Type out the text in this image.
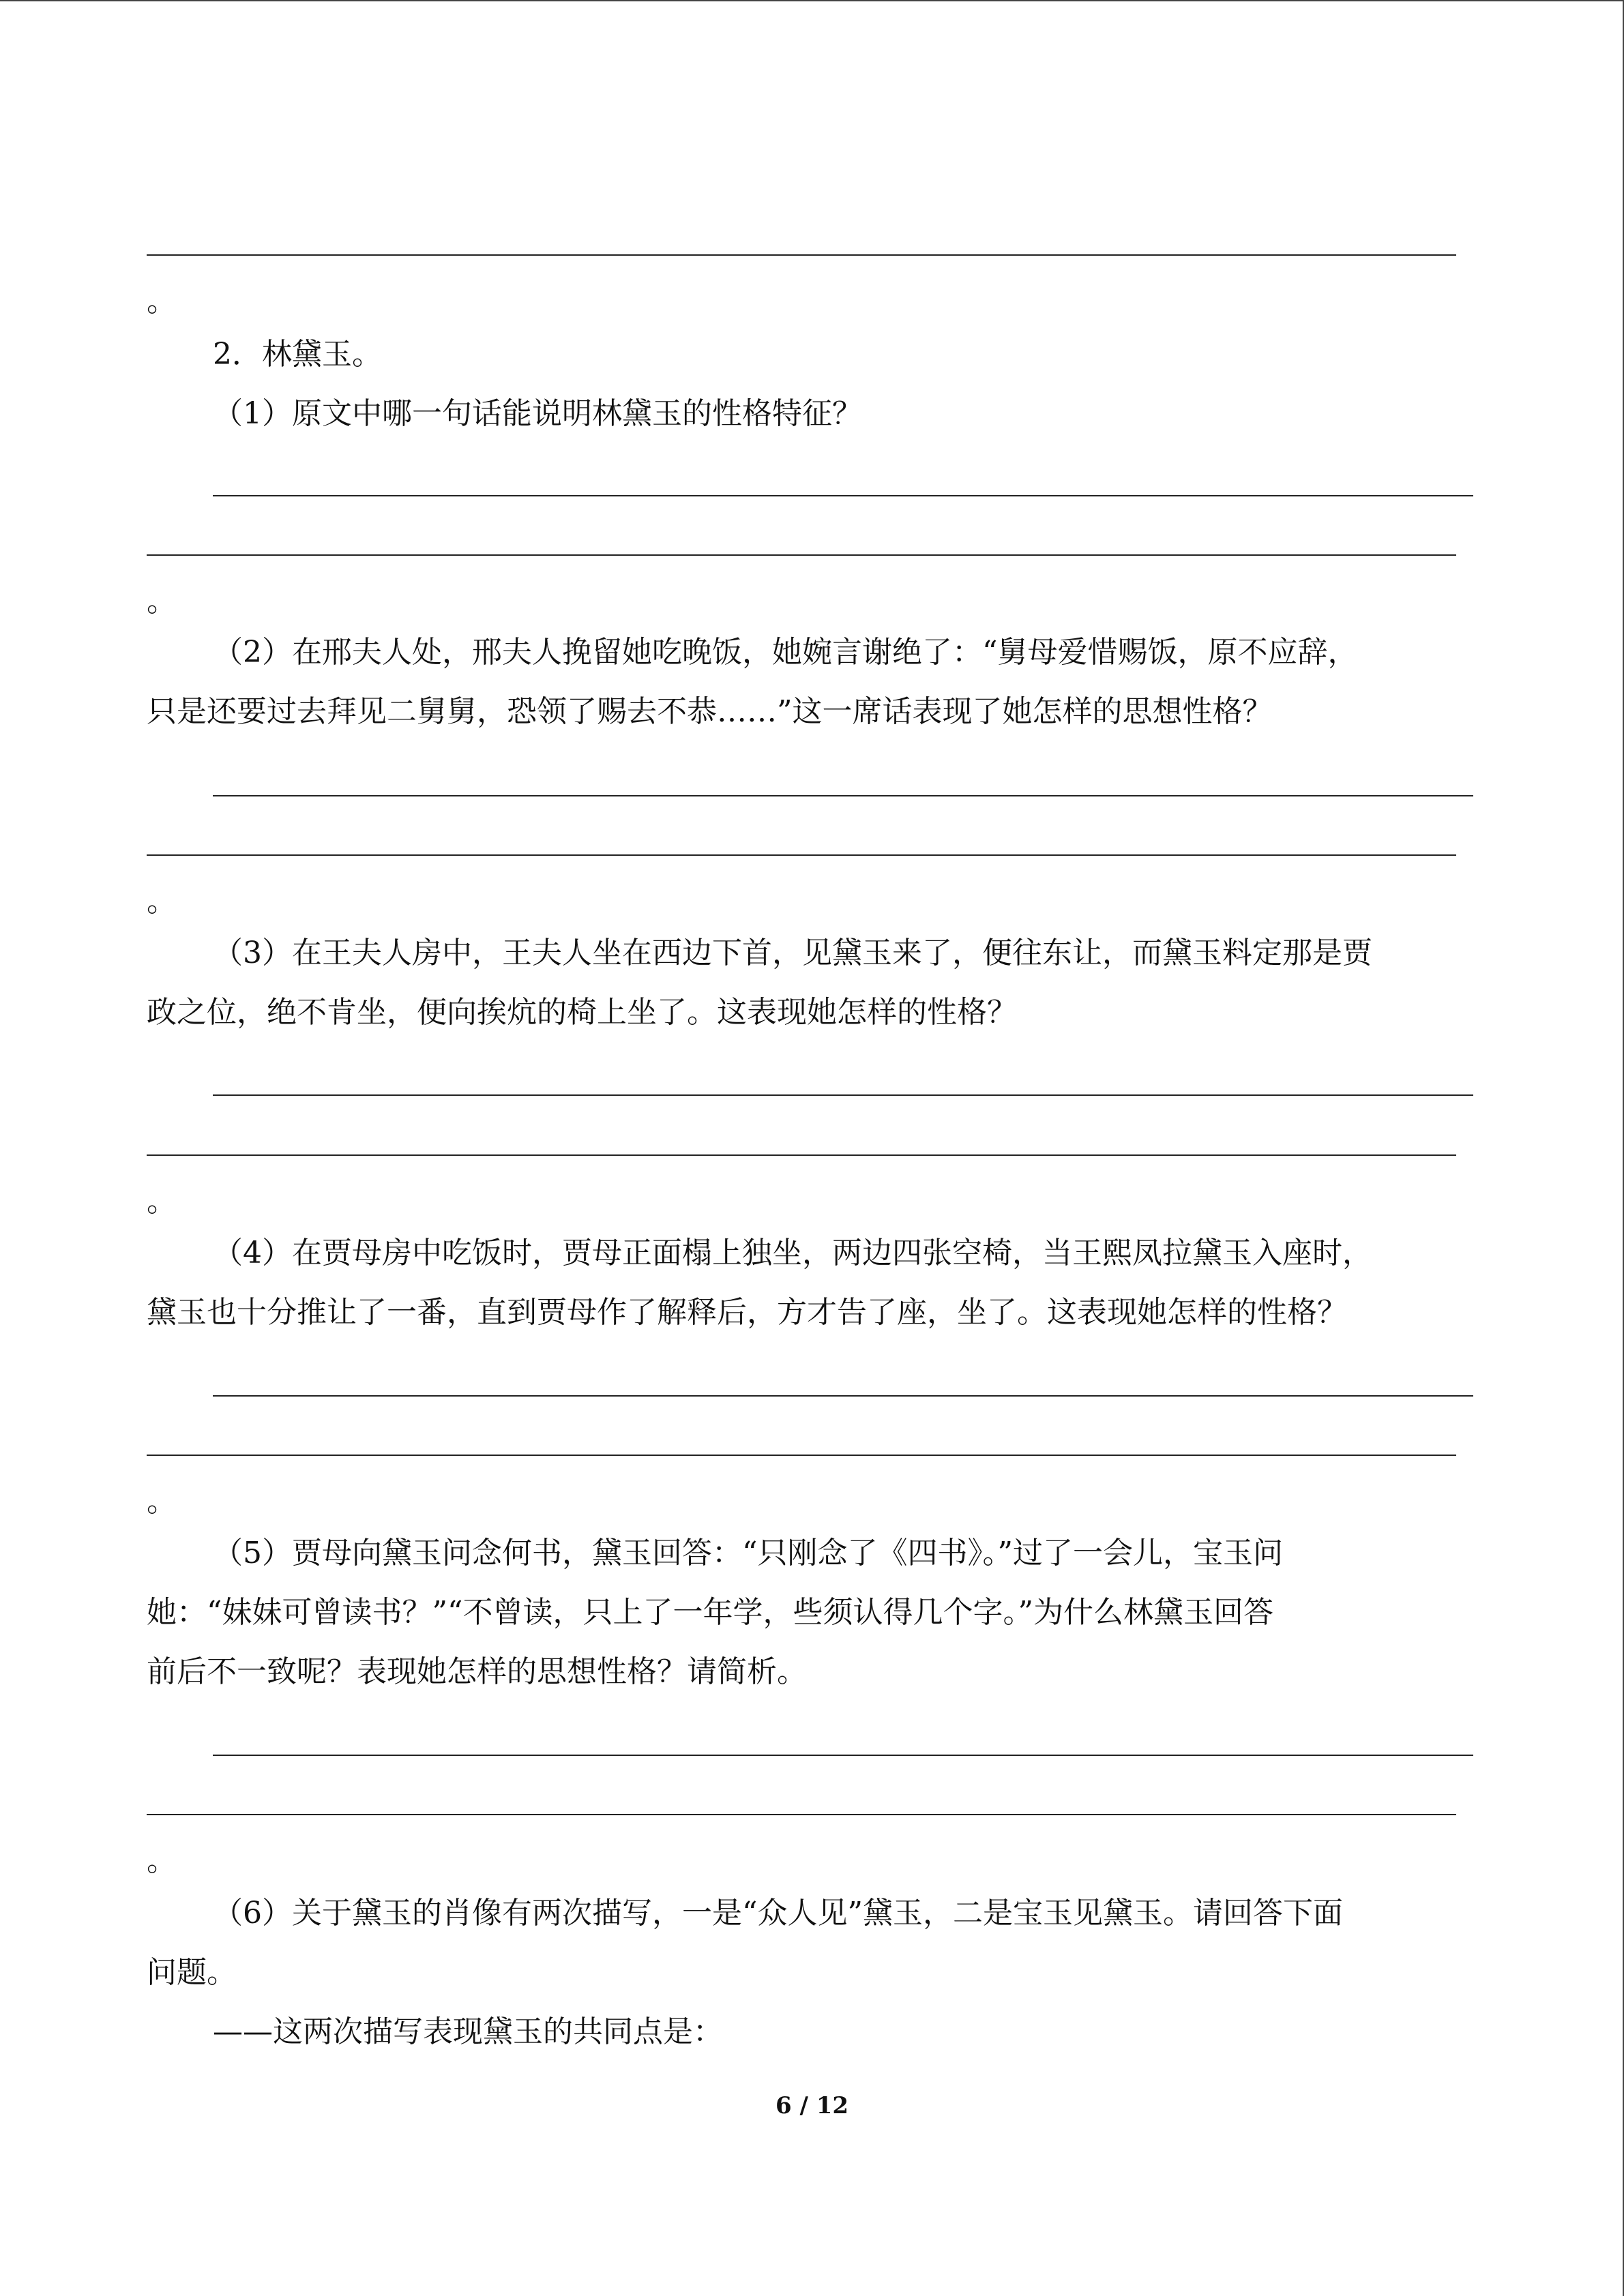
。
2．林黛玉。
（1）原文中哪一句话能说明林黛玉的性格特征？
。
（2）在邢夫人处，邢夫人挽留她吃晚饭，她婉言谢绝了：“舅母爱惜赐饭，原不应辞，
只是还要过去拜见二舅舅，恐领了赐去不恭……”这一席话表现了她怎样的思想性格？
。
（3）在王夫人房中，王夫人坐在西边下首，见黛玉来了，便往东让，而黛玉料定那是贾
政之位，绝不肯坐，便向挨炕的椅上坐了。这表现她怎样的性格？
。
（4）在贾母房中吃饭时，贾母正面榻上独坐，两边四张空椅，当王熙凤拉黛玉入座时，
黛玉也十分推让了一番，直到贾母作了解释后，方才告了座，坐了。这表现她怎样的性格？
。
（5）贾母向黛玉问念何书，黛玉回答：“只刚念了《四书》。”过了一会儿，宝玉问
她：“妹妹可曾读书？”“不曾读，只上了一年学，些须认得几个字。”为什么林黛玉回答
前后不一致呢？表现她怎样的思想性格？请简析。
。
（6）关于黛玉的肖像有两次描写，一是“众人见”黛玉，二是宝玉见黛玉。请回答下面
问题。
——这两次描写表现黛玉的共同点是：
6 / 12
